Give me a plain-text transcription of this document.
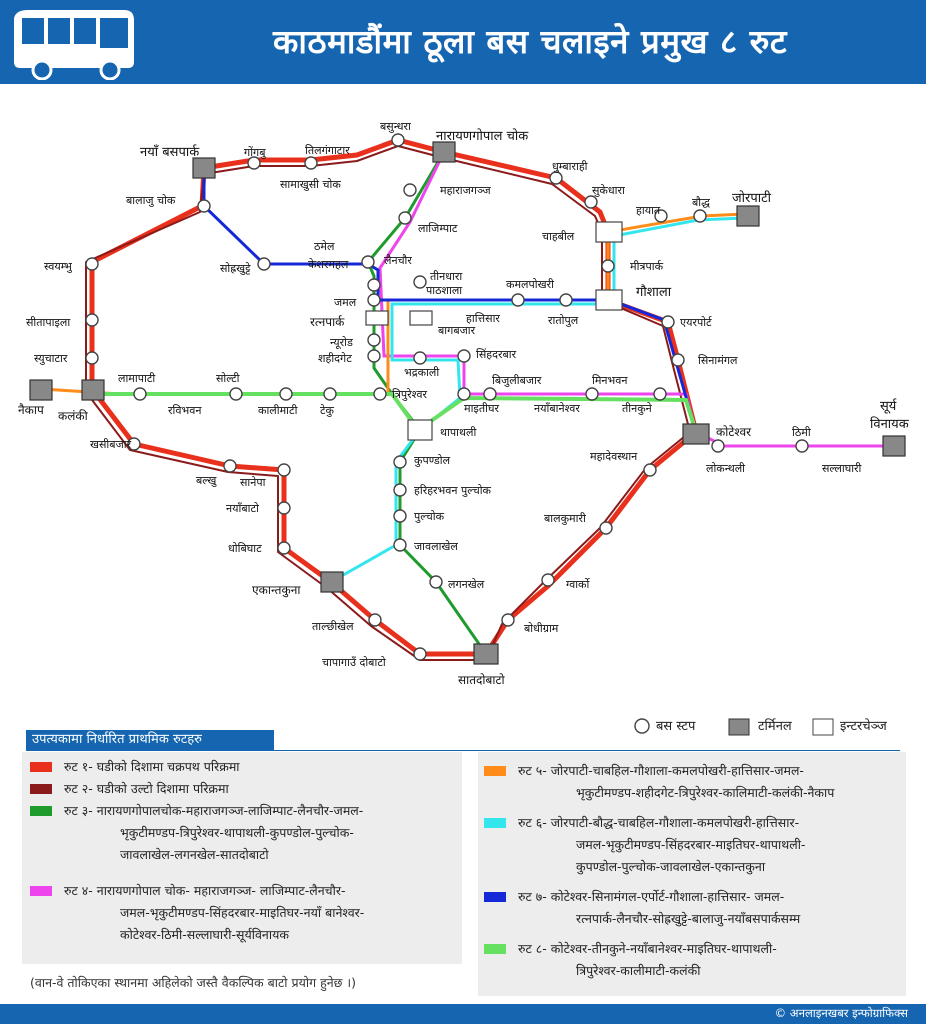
काठमाडौंमा ठूला बस चलाइने प्रमुख ८ रुट
नयाँ बसपार्क	गोंगबु	तिलगंगाटार
सामाखुसी चोक
बसुन्धरा
नारायणगोपाल चोक
धुम्बाराही
सुकेधारा
चाहबील
हायात
बौद्ध जोरपाटी
मीत्रपार्क
गौशाला
एयरपोर्ट
सिनामंगल
कोटेश्वर	ठिमी
सूर्य
विनायक
लोकन्थली	सल्लाघारी
महादेवस्थान
बालकुमारी
ग्वार्को
बोधीग्राम
सातदोबाटो
चापागाउँ दोबाटो
ताल्छीखेल
एकान्तकुना
धोबिघाट
नयाँबाटो
बल्खु सानेपा
खसीबजार
कलंकी
नैकाप
लामापाटी
रविभवन
सोल्टी
कालीमाटी टेकु
त्रिपुरेश्वर
सीतापाइला
स्युचाटार
स्वयम्भु
बालाजु चोक
सोह्रखुट्टे
ठमेल
केशरमहल	लैनचौर
लाजिम्पाट
महाराजगञ्ज
जमल
रत्नपार्क
न्यूरोड
शहीदगेट
भद्रकाली
तीनधारा
पाठशाला	कमलपोखरी
हात्तिसार
बागबजार
रातोपुल
सिंहदरबार
बिजुलीबजार	मिनभवन
माइतीघर	नयाँबानेश्वर	तीनकुने
थापाथली
कुपण्डोल
हरिहरभवन पुल्चोक
पुल्चोक
जावलाखेल
लगनखेल
बस स्टप	टर्मिनल	इन्टरचेञ्ज
उपत्यकामा निर्धारित प्राथमिक रुटहरु
रुट १- घडीको दिशामा चक्रपथ परिक्रमा
रुट २- घडीको उल्टो दिशामा परिक्रमा
रुट ३- नारायणगोपालचोक-महाराजगञ्ज-लाजिम्पाट-लैनचौर-जमल-
भृकुटीमण्डप-त्रिपुरेश्वर-थापाथली-कुपण्डोल-पुल्चोक-
जावलाखेल-लगनखेल-सातदोबाटो
रुट ४- नारायणगोपाल चोक- महाराजगञ्ज- लाजिम्पाट-लैनचौर-
जमल-भृकुटीमण्डप-सिंहदरबार-माइतिघर-नयाँ बानेश्वर-
कोटेश्वर-ठिमी-सल्लाघारी-सूर्यविनायक
रुट ५- जोरपाटी-चाबहिल-गौशाला-कमलपोखरी-हात्तिसार-जमल-
भृकुटीमण्डप-शहीदगेट-त्रिपुरेश्वर-कालिमाटी-कलंकी-नैकाप
रुट ६- जोरपाटी-बौद्ध-चाबहिल-गौशाला-कमलपोखरी-हात्तिसार-
जमल-भृकुटीमण्डप-सिंहदरबार-माइतिघर-थापाथली-
कुपण्डोल-पुल्चोक-जावलाखेल-एकान्तकुना
रुट ७- कोटेश्वर-सिनामंगल-एर्पोर्ट-गौशाला-हात्तिसार- जमल-
रत्नपार्क-लैनचौर-सोह्रखुट्टे-बालाजु-नयाँबसपार्कसम्म
रुट ८- कोटेश्वर-तीनकुने-नयाँबानेश्वर-माइतिघर-थापाथली-
त्रिपुरेश्वर-कालीमाटी-कलंकी
(वान-वे तोकिएका स्थानमा अहिलेको जस्तै वैकल्पिक बाटो प्रयोग हुनेछ ।)
© अनलाइनखबर इन्फोग्राफिक्स
